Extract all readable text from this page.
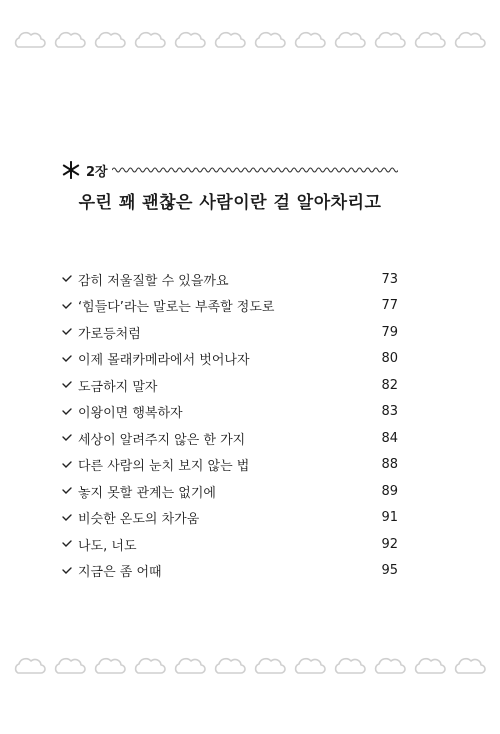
2장
우린 꽤 괜찮은 사람이란 걸 알아차리고
감히 저울질할 수 있을까요	73
‘힘들다’라는 말로는 부족할 정도로	77
가로등처럼	79
이제 몰래카메라에서 벗어나자	80
도금하지 말자	82
이왕이면 행복하자	83
세상이 알려주지 않은 한 가지	84
다른 사람의 눈치 보지 않는 법	88
놓지 못할 관계는 없기에	89
비슷한 온도의 차가움	91
나도, 너도	92
지금은 좀 어때	95
